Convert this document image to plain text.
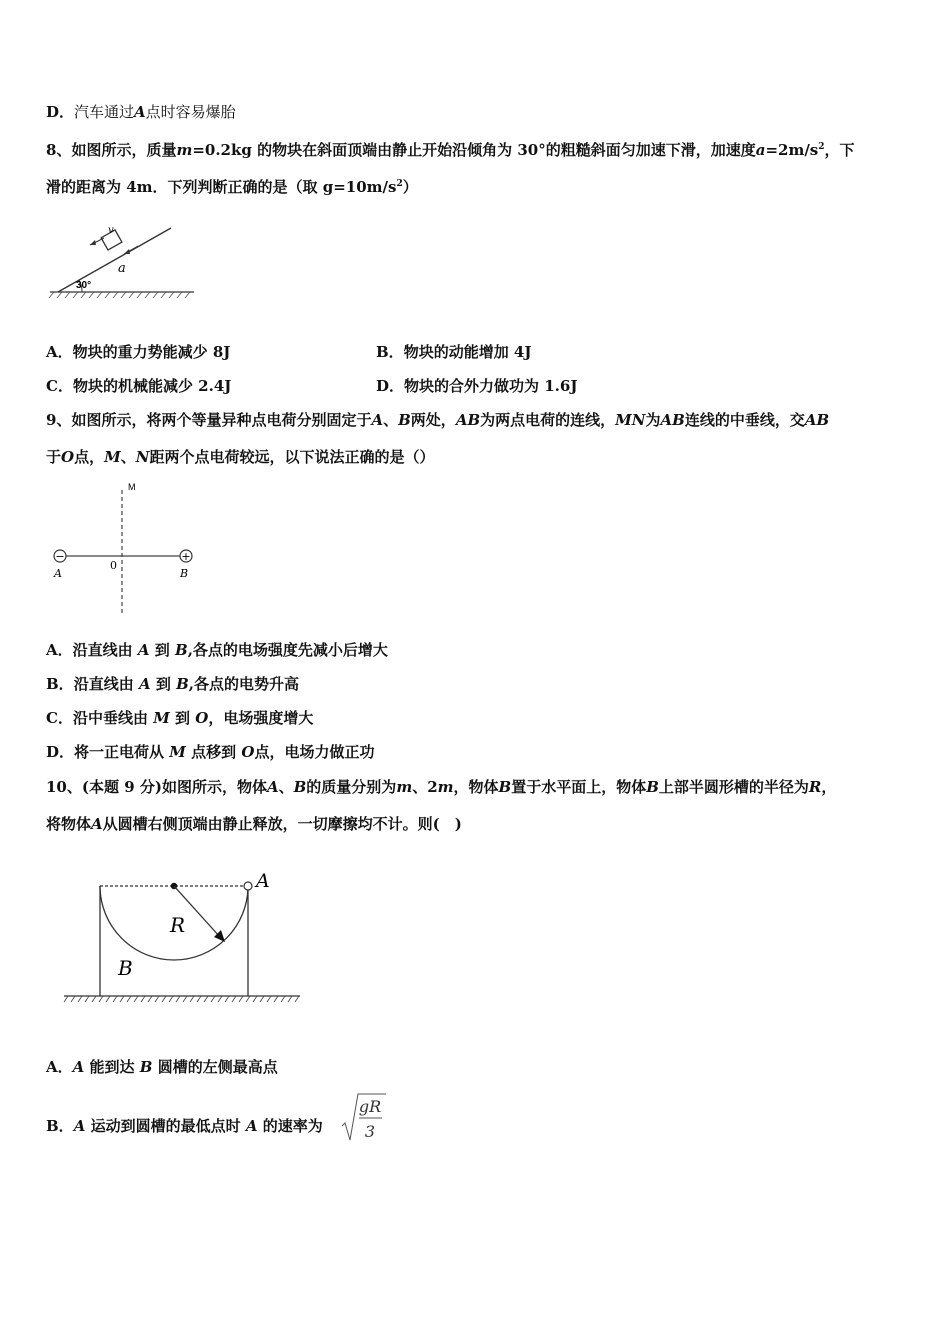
D．汽车通过A点时容易爆胎
8、如图所示，质量m=0.2kg 的物块在斜面顶端由静止开始沿倾角为 30°的粗糙斜面匀加速下滑，加速度$a=2m/s^2$，下
滑的距离为 4m．下列判断正确的是（取 $g=10m/s^2$）
30°
v
a
A．物块的重力势能减少 8J	B．物块的动能增加 4J
C．物块的机械能减少 2.4J	D．物块的合外力做功为 1.6J
9、如图所示，将两个等量异种点电荷分别固定于A、B两处，AB为两点电荷的连线，MN为AB连线的中垂线，交AB
于O点，M、N距两个点电荷较远，以下说法正确的是（）
M
−	+
A
0
B
A．沿直线由 A 到 B,各点的电场强度先减小后增大
B．沿直线由 A 到 B,各点的电势升高
C．沿中垂线由 M 到 O，电场强度增大
D．将一正电荷从 M 点移到 O点，电场力做正功
10、(本题 9 分)如图所示，物体A、B的质量分别为m、2m，物体B置于水平面上，物体B上部半圆形槽的半径为R，
将物体A从圆槽右侧顶端由静止释放，一切摩擦均不计。则(　)
A
R
B
A．A 能到达 B 圆槽的左侧最高点
B．A 运动到圆槽的最低点时 A 的速率为
gR
3
